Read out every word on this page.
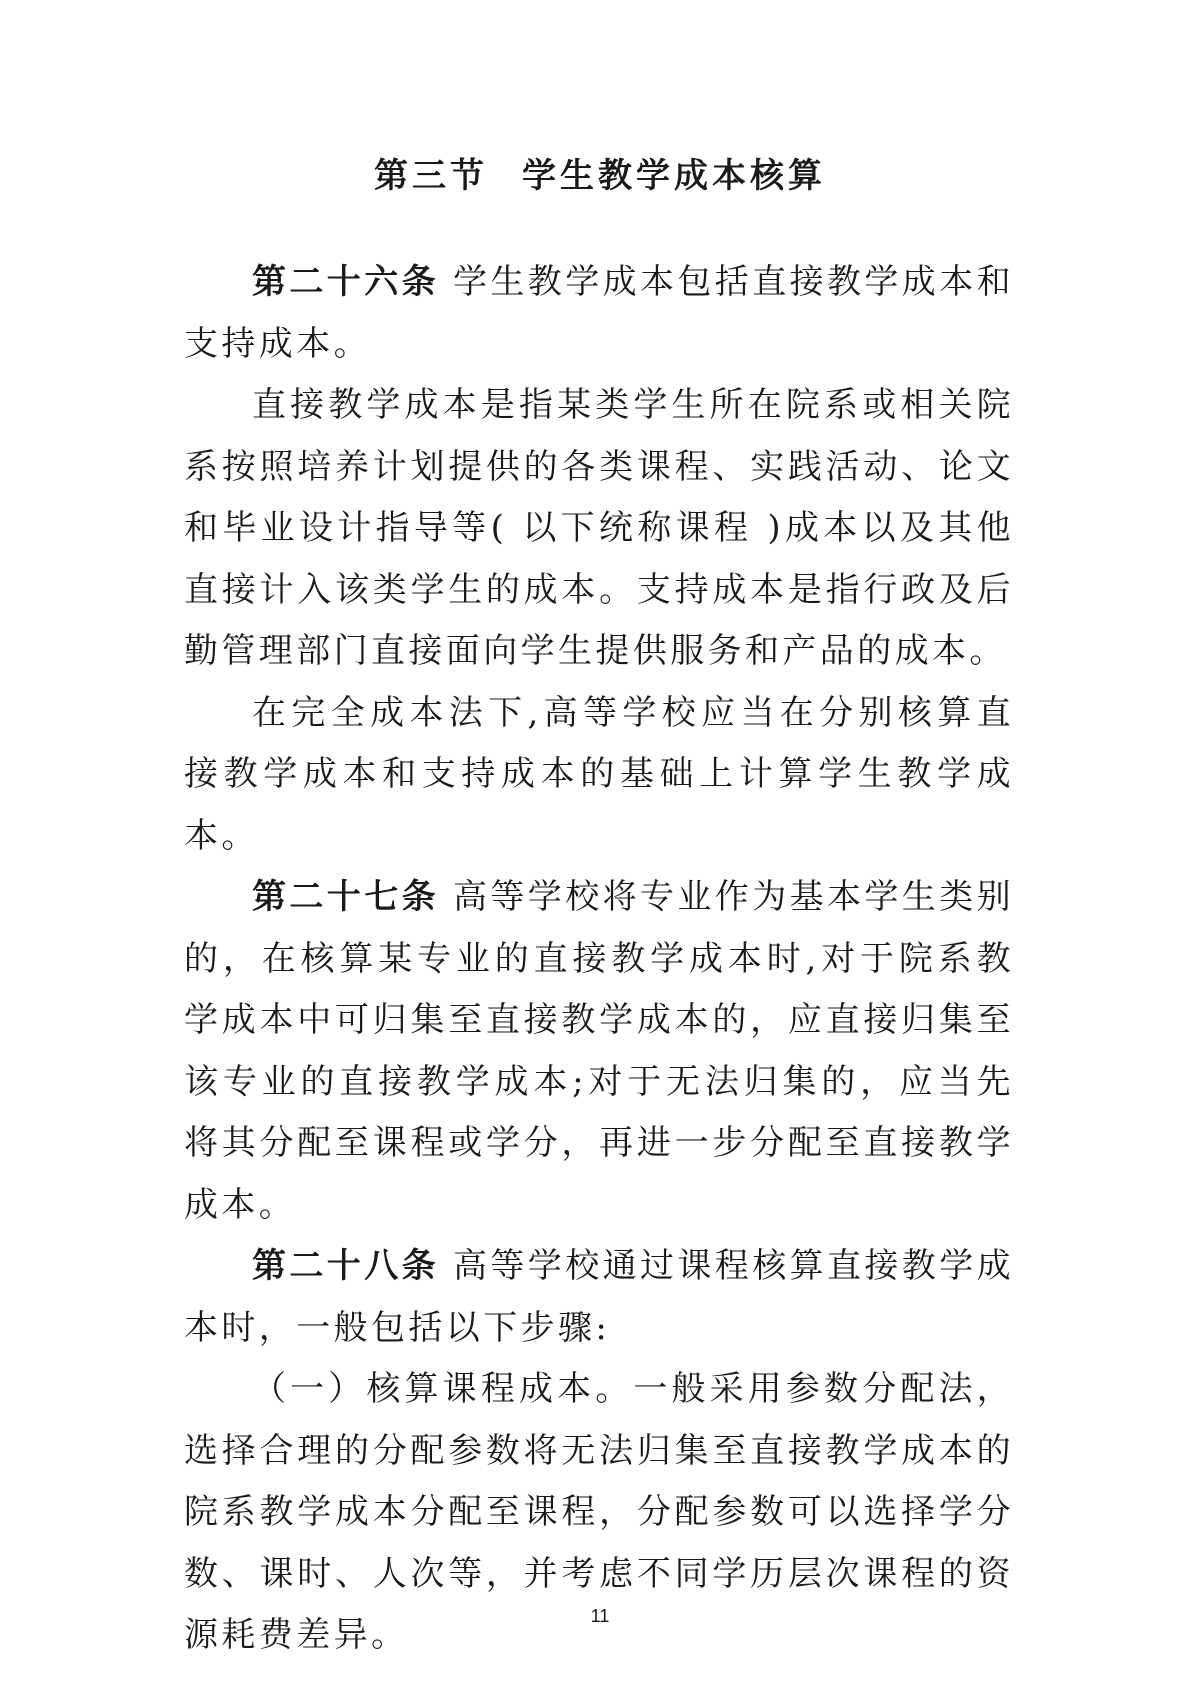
第三节 学生教学成本核算

第二十六条 学生教学成本包括直接教学成本和支持成本。

直接教学成本是指某类学生所在院系或相关院系按照培养计划提供的各类课程、实践活动、论文和毕业设计指导等( 以下统称课程 )成本以及其他直接计入该类学生的成本。支持成本是指行政及后勤管理部门直接面向学生提供服务和产品的成本。

在完全成本法下,高等学校应当在分别核算直接教学成本和支持成本的基础上计算学生教学成本。

第二十七条 高等学校将专业作为基本学生类别的，在核算某专业的直接教学成本时,对于院系教学成本中可归集至直接教学成本的，应直接归集至该专业的直接教学成本;对于无法归集的，应当先将其分配至课程或学分，再进一步分配至直接教学成本。

第二十八条 高等学校通过课程核算直接教学成本时，一般包括以下步骤:

（一）核算课程成本。一般采用参数分配法，选择合理的分配参数将无法归集至直接教学成本的院系教学成本分配至课程，分配参数可以选择学分数、课时、人次等，并考虑不同学历层次课程的资源耗费差异。	11
